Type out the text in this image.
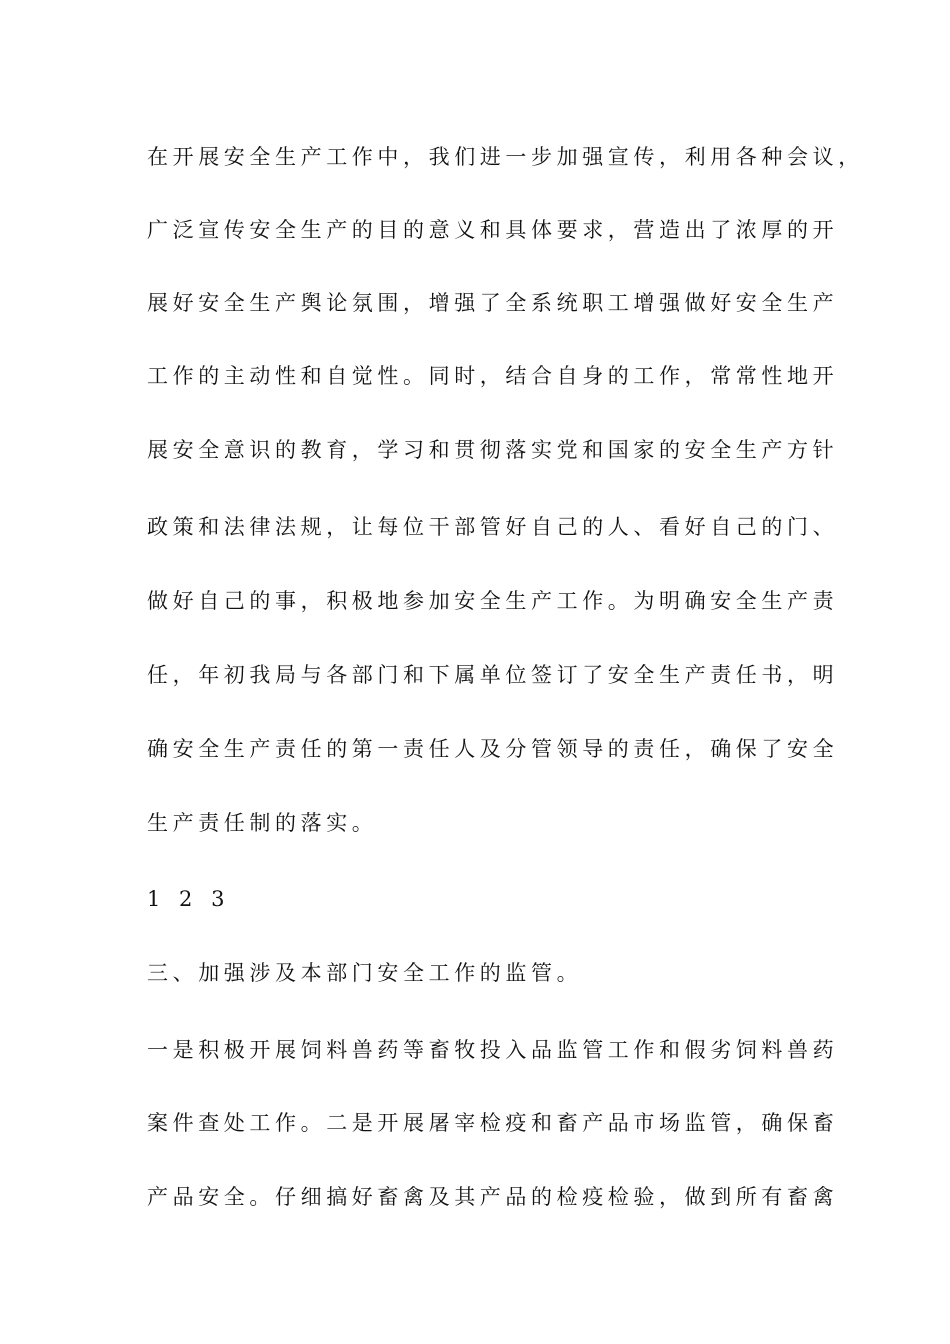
在开展安全生产工作中，我们进一步加强宣传，利用各种会议，
广泛宣传安全生产的目的意义和具体要求，营造出了浓厚的开
展好安全生产舆论氛围，增强了全系统职工增强做好安全生产
工作的主动性和自觉性。同时，结合自身的工作，常常性地开
展安全意识的教育，学习和贯彻落实党和国家的安全生产方针
政策和法律法规，让每位干部管好自己的人、看好自己的门、
做好自己的事，积极地参加安全生产工作。为明确安全生产责
任，年初我局与各部门和下属单位签订了安全生产责任书，明
确安全生产责任的第一责任人及分管领导的责任，确保了安全
生产责任制的落实。
1 2 3
三、加强涉及本部门安全工作的监管。
一是积极开展饲料兽药等畜牧投入品监管工作和假劣饲料兽药
案件查处工作。二是开展屠宰检疫和畜产品市场监管，确保畜
产品安全。仔细搞好畜禽及其产品的检疫检验，做到所有畜禽
